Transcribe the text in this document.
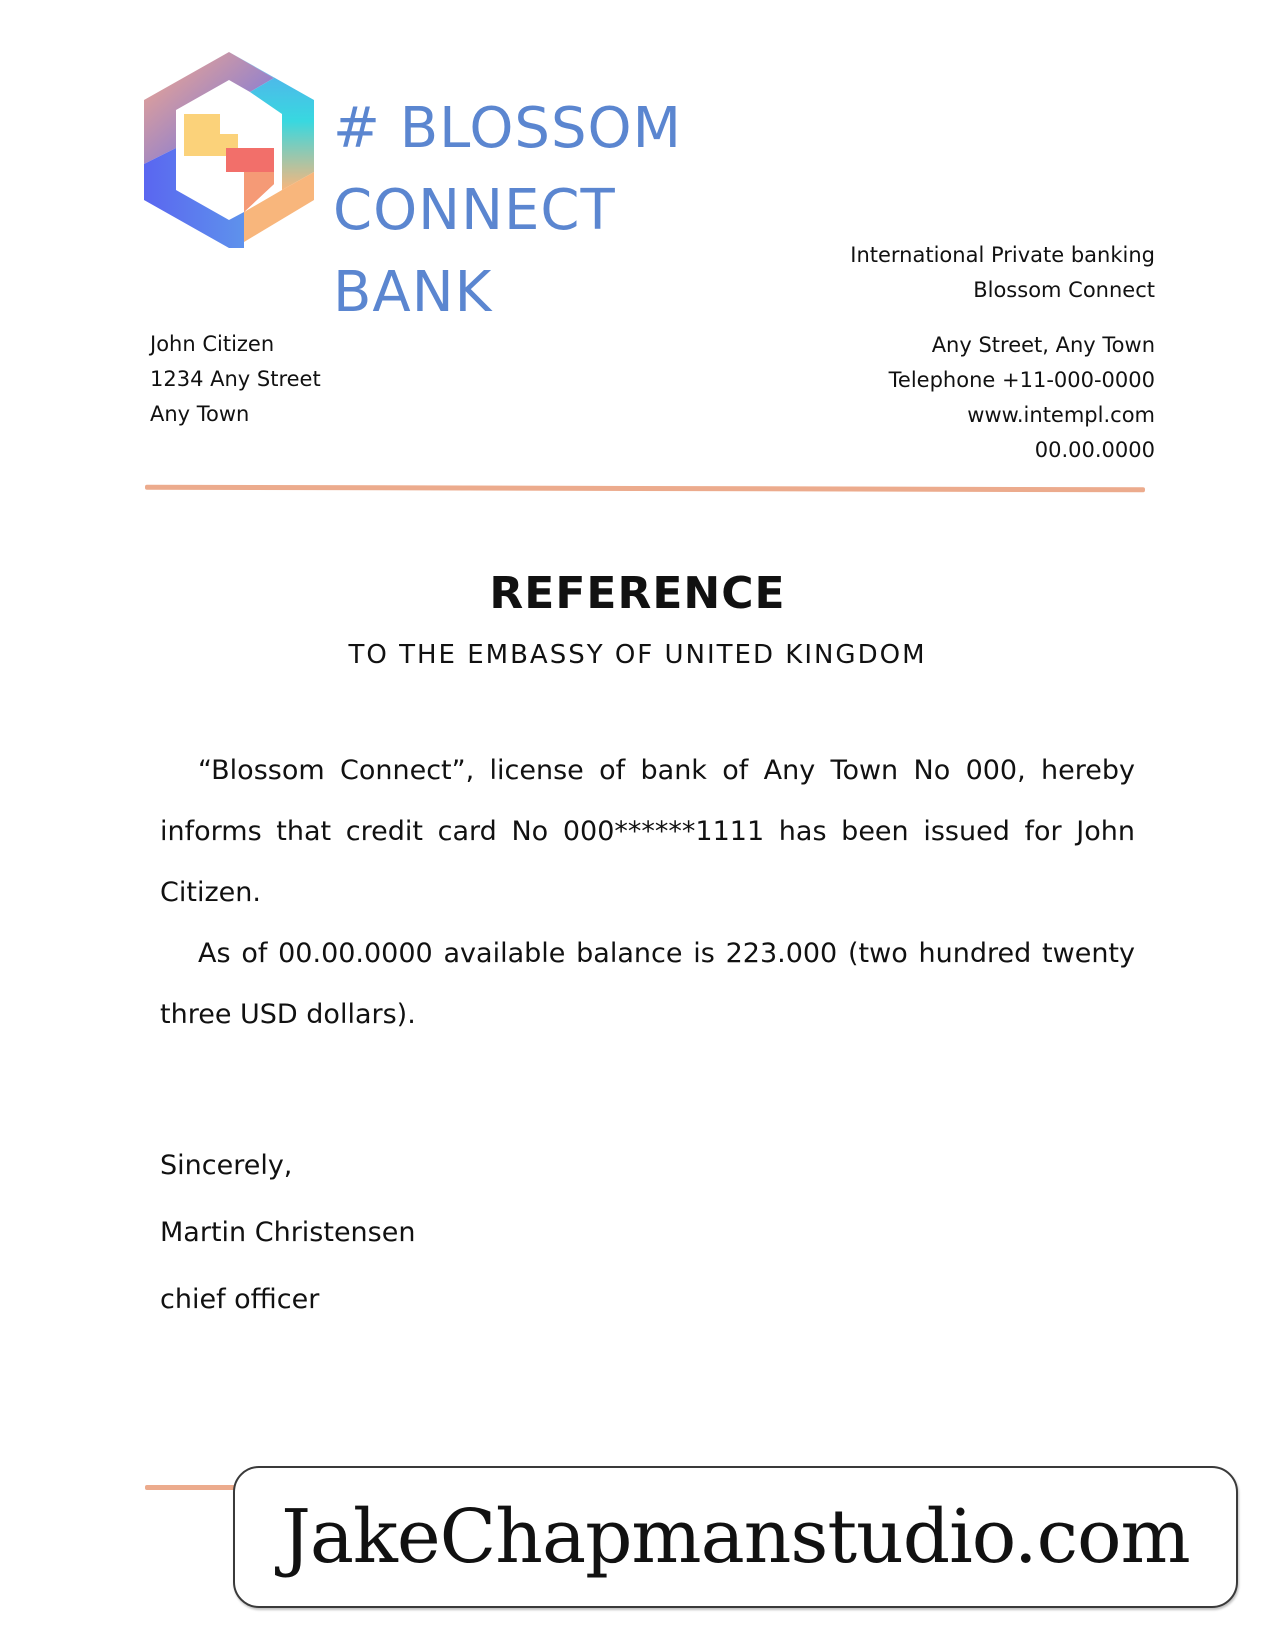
# BLOSSOM
CONNECT
BANK
International Private banking
Blossom Connect
Any Street, Any Town
Telephone +11-000-0000
www.intempl.com
00.00.0000
John Citizen
1234 Any Street
Any Town
REFERENCE
TO THE EMBASSY OF UNITED KINGDOM

“Blossom Connect”, license of bank of Any Town No 000, hereby informs that credit card No 000******1111 has been issued for John Citizen.

As of 00.00.0000 available balance is 223.000 (two hundred twenty three USD dollars).

Sincerely,
Martin Christensen
chief officer
JakeChapmanstudio.com
